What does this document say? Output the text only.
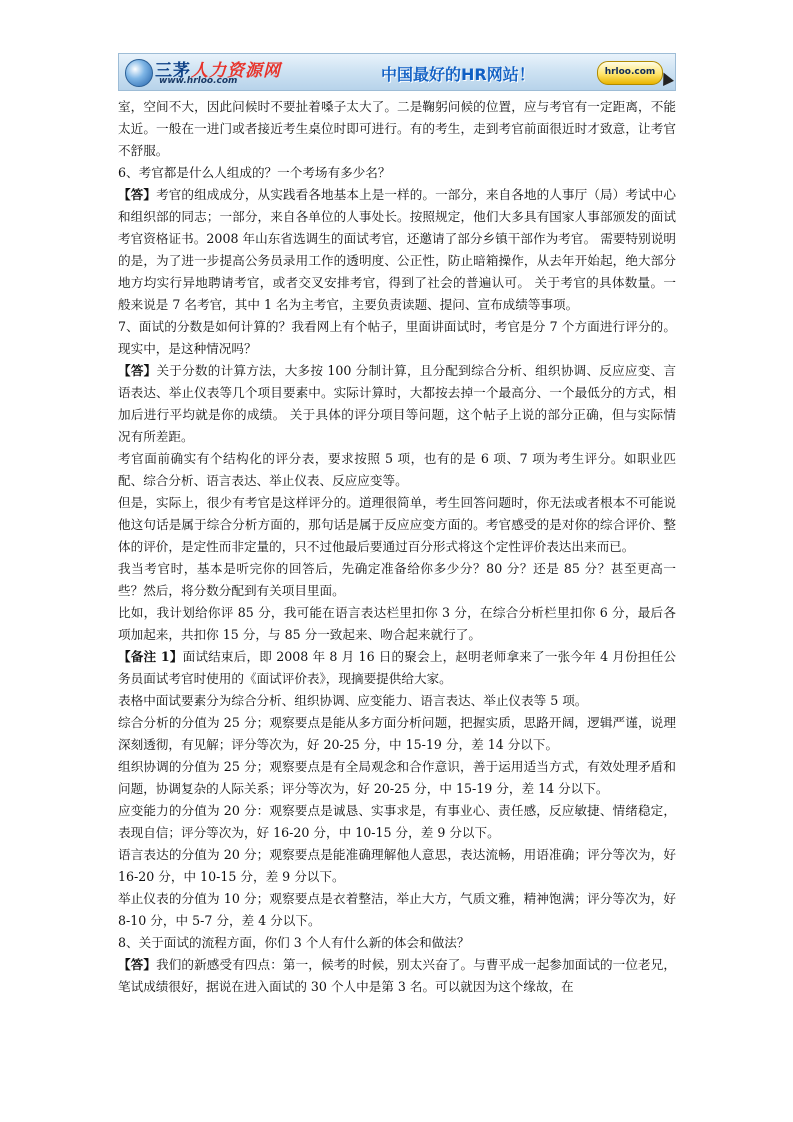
三茅人力资源网
www.hrloo.com	中国最好的HR网站！	hrloo.com

室，空间不大，因此问候时不要扯着嗓子太大了。二是鞠躬问候的位置，应与考官有一定距离，不能太近。一般在一进门或者接近考生桌位时即可进行。有的考生，走到考官前面很近时才致意，让考官不舒服。

6、考官都是什么人组成的？一个考场有多少名？

【答】考官的组成成分，从实践看各地基本上是一样的。一部分，来自各地的人事厅（局）考试中心和组织部的同志；一部分，来自各单位的人事处长。按照规定，他们大多具有国家人事部颁发的面试考官资格证书。2008 年山东省选调生的面试考官，还邀请了部分乡镇干部作为考官。 需要特别说明的是，为了进一步提高公务员录用工作的透明度、公正性，防止暗箱操作，从去年开始起，绝大部分地方均实行异地聘请考官，或者交叉安排考官，得到了社会的普遍认可。 关于考官的具体数量。一般来说是 7 名考官，其中 1 名为主考官，主要负责读题、提问、宣布成绩等事项。

7、面试的分数是如何计算的？我看网上有个帖子，里面讲面试时，考官是分 7 个方面进行评分的。现实中，是这种情况吗？

【答】关于分数的计算方法，大多按 100 分制计算，且分配到综合分析、组织协调、反应应变、言语表达、举止仪表等几个项目要素中。实际计算时，大都按去掉一个最高分、一个最低分的方式，相加后进行平均就是你的成绩。 关于具体的评分项目等问题，这个帖子上说的部分正确，但与实际情况有所差距。

考官面前确实有个结构化的评分表，要求按照 5 项，也有的是 6 项、7 项为考生评分。如职业匹配、综合分析、语言表达、举止仪表、反应应变等。

但是，实际上，很少有考官是这样评分的。道理很简单，考生回答问题时，你无法或者根本不可能说他这句话是属于综合分析方面的，那句话是属于反应应变方面的。考官感受的是对你的综合评价、整体的评价，是定性而非定量的，只不过他最后要通过百分形式将这个定性评价表达出来而已。

我当考官时，基本是听完你的回答后，先确定准备给你多少分？80 分？还是 85 分？甚至更高一些？然后，将分数分配到有关项目里面。

比如，我计划给你评 85 分，我可能在语言表达栏里扣你 3 分，在综合分析栏里扣你 6 分，最后各项加起来，共扣你 15 分，与 85 分一致起来、吻合起来就行了。

【备注 1】面试结束后，即 2008 年 8 月 16 日的聚会上，赵明老师拿来了一张今年 4 月份担任公务员面试考官时使用的《面试评价表》，现摘要提供给大家。

表格中面试要素分为综合分析、组织协调、应变能力、语言表达、举止仪表等 5 项。

综合分析的分值为 25 分；观察要点是能从多方面分析问题，把握实质，思路开阔，逻辑严谨，说理深刻透彻，有见解；评分等次为，好 20-25 分，中 15-19 分，差 14 分以下。

组织协调的分值为 25 分；观察要点是有全局观念和合作意识，善于运用适当方式，有效处理矛盾和问题，协调复杂的人际关系；评分等次为，好 20-25 分，中 15-19 分，差 14 分以下。

应变能力的分值为 20 分：观察要点是诚恳、实事求是，有事业心、责任感，反应敏捷、情绪稳定，表现自信；评分等次为，好 16-20 分，中 10-15 分，差 9 分以下。

语言表达的分值为 20 分；观察要点是能准确理解他人意思，表达流畅，用语准确；评分等次为，好 16-20 分，中 10-15 分，差 9 分以下。

举止仪表的分值为 10 分；观察要点是衣着整洁，举止大方，气质文雅，精神饱满；评分等次为，好 8-10 分，中 5-7 分，差 4 分以下。

8、关于面试的流程方面，你们 3 个人有什么新的体会和做法？

【答】我们的新感受有四点：第一，候考的时候，别太兴奋了。与曹平成一起参加面试的一位老兄，笔试成绩很好，据说在进入面试的 30 个人中是第 3 名。可以就因为这个缘故，在
